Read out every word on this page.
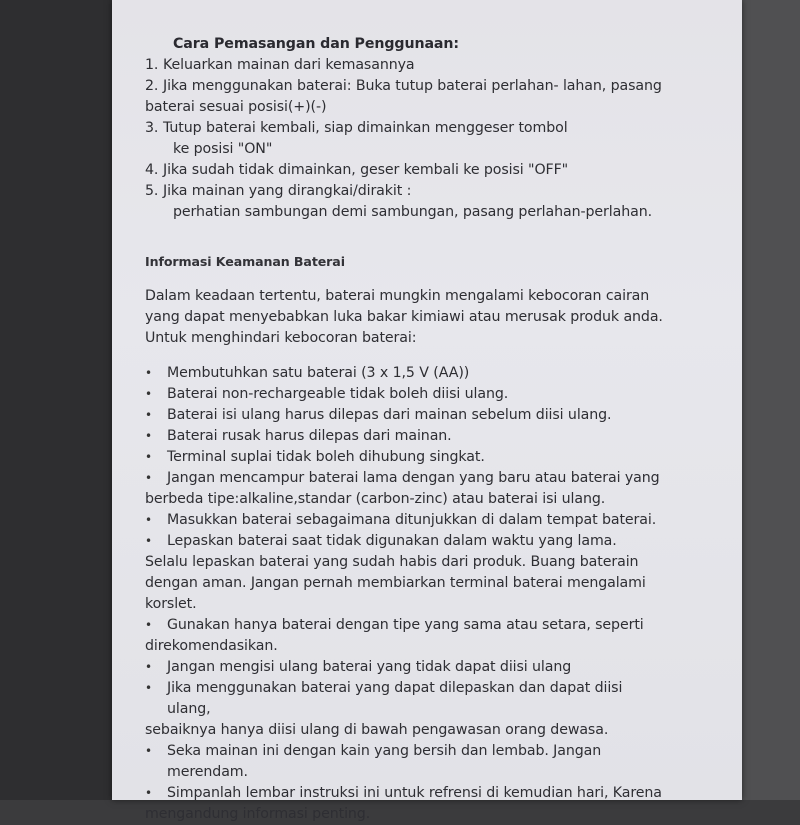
Cara Pemasangan dan Penggunaan:
1. Keluarkan mainan dari kemasannya
2. Jika menggunakan baterai: Buka tutup baterai perlahan- lahan, pasang
baterai sesuai posisi(+)(-)
3. Tutup baterai kembali, siap dimainkan menggeser tombol
ke posisi "ON"
4. Jika sudah tidak dimainkan, geser kembali ke posisi "OFF"
5. Jika mainan yang dirangkai/dirakit :
perhatian sambungan demi sambungan, pasang perlahan-perlahan.
Informasi Keamanan Baterai
Dalam keadaan tertentu, baterai mungkin mengalami kebocoran cairan yang dapat menyebabkan luka bakar kimiawi atau merusak produk anda. Untuk menghindari kebocoran baterai:
• Membutuhkan satu baterai (3 x 1,5 V (AA))
• Baterai non-rechargeable tidak boleh diisi ulang.
• Baterai isi ulang harus dilepas dari mainan sebelum diisi ulang.
• Baterai rusak harus dilepas dari mainan.
• Terminal suplai tidak boleh dihubung singkat.
• Jangan mencampur baterai lama dengan yang baru atau baterai yang
berbeda tipe:alkaline,standar (carbon-zinc) atau baterai isi ulang.
• Masukkan baterai sebagaimana ditunjukkan di dalam tempat baterai.
• Lepaskan baterai saat tidak digunakan dalam waktu yang lama.
Selalu lepaskan baterai yang sudah habis dari produk. Buang baterain dengan aman. Jangan pernah membiarkan terminal baterai mengalami korslet.
• Gunakan hanya baterai dengan tipe yang sama atau setara, seperti
direkomendasikan.
• Jangan mengisi ulang baterai yang tidak dapat diisi ulang
• Jika menggunakan baterai yang dapat dilepaskan dan dapat diisi ulang,
sebaiknya hanya diisi ulang di bawah pengawasan orang dewasa.
• Seka mainan ini dengan kain yang bersih dan lembab. Jangan merendam.
• Simpanlah lembar instruksi ini untuk refrensi di kemudian hari, Karena
mengandung informasi penting.
